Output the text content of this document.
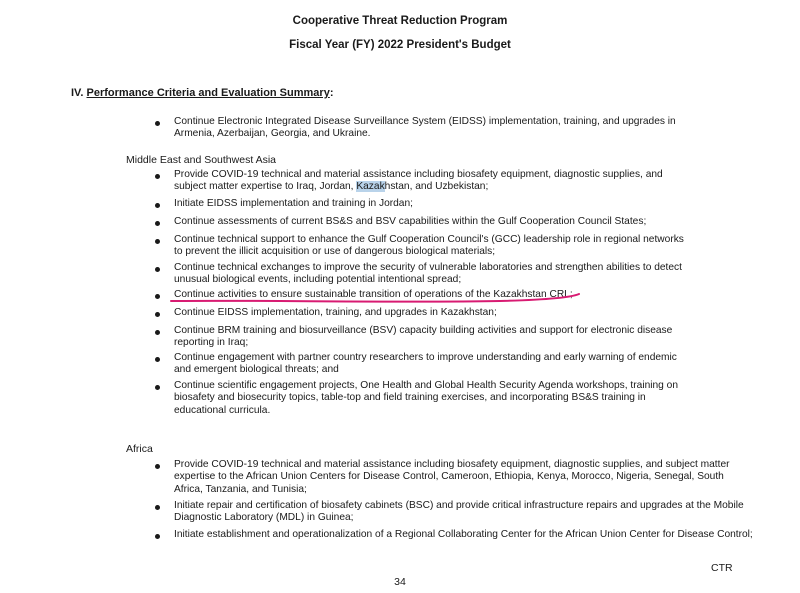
Cooperative Threat Reduction Program
Fiscal Year (FY) 2022 President's Budget
IV. Performance Criteria and Evaluation Summary:
Continue Electronic Integrated Disease Surveillance System (EIDSS) implementation, training, and upgrades in Armenia, Azerbaijan, Georgia, and Ukraine.
Middle East and Southwest Asia
Provide COVID-19 technical and material assistance including biosafety equipment, diagnostic supplies, and subject matter expertise to Iraq, Jordan, Kazakhstan, and Uzbekistan;
Initiate EIDSS implementation and training in Jordan;
Continue assessments of current BS&S and BSV capabilities within the Gulf Cooperation Council States;
Continue technical support to enhance the Gulf Cooperation Council's (GCC) leadership role in regional networks to prevent the illicit acquisition or use of dangerous biological materials;
Continue technical exchanges to improve the security of vulnerable laboratories and strengthen abilities to detect unusual biological events, including potential intentional spread;
Continue activities to ensure sustainable transition of operations of the Kazakhstan CRL;
Continue EIDSS implementation, training, and upgrades in Kazakhstan;
Continue BRM training and biosurveillance (BSV) capacity building activities and support for electronic disease reporting in Iraq;
Continue engagement with partner country researchers to improve understanding and early warning of endemic and emergent biological threats; and
Continue scientific engagement projects, One Health and Global Health Security Agenda workshops, training on biosafety and biosecurity topics, table-top and field training exercises, and incorporating BS&S training in educational curricula.
Africa
Provide COVID-19 technical and material assistance including biosafety equipment, diagnostic supplies, and subject matter expertise to the African Union Centers for Disease Control, Cameroon, Ethiopia, Kenya, Morocco, Nigeria, Senegal, South Africa, Tanzania, and Tunisia;
Initiate repair and certification of biosafety cabinets (BSC) and provide critical infrastructure repairs and upgrades at the Mobile Diagnostic Laboratory (MDL) in Guinea;
Initiate establishment and operationalization of a Regional Collaborating Center for the African Union Center for Disease Control;
CTR
34
